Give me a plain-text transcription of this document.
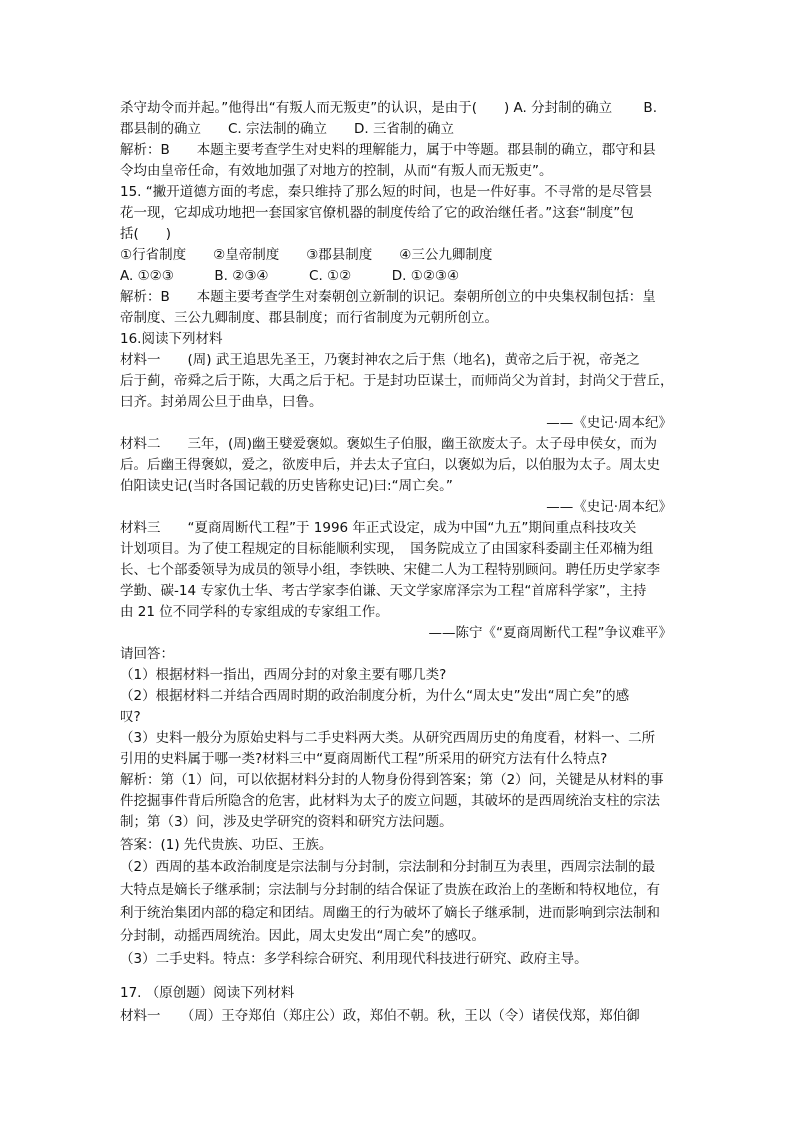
杀守劫令而并起。”他得出“有叛人而无叛吏”的认识，是由于(　　) A. 分封制的确立　　 B.
郡县制的确立　　C. 宗法制的确立　　D. 三省制的确立
解析：B　　本题主要考查学生对史料的理解能力，属于中等题。郡县制的确立，郡守和县
令均由皇帝任命，有效地加强了对地方的控制，从而“有叛人而无叛吏”。
15. “撇开道德方面的考虑，秦只维持了那么短的时间，也是一件好事。不寻常的是尽管昙
花一现，它却成功地把一套国家官僚机器的制度传给了它的政治继任者。”这套“制度”包
括(　　)
①行省制度　　②皇帝制度　　③郡县制度　　④三公九卿制度
A. ①②③　　　B. ②③④　　　C. ①②　　　D. ①②③④
解析：B　　本题主要考查学生对秦朝创立新制的识记。秦朝所创立的中央集权制包括：皇
帝制度、三公九卿制度、郡县制度；而行省制度为元朝所创立。
16.阅读下列材料
材料一　　(周) 武王追思先圣王，乃褒封神农之后于焦（地名)，黄帝之后于祝，帝尧之
后于蓟，帝舜之后于陈，大禹之后于杞。于是封功臣谋士，而师尚父为首封，封尚父于营丘，
曰齐。封弟周公旦于曲阜，曰鲁。
——《史记·周本纪》
材料二　　三年，(周)幽王嬖爱褒姒。褒姒生子伯服，幽王欲废太子。太子母申侯女，而为
后。后幽王得褒姒，爱之，欲废申后，并去太子宜臼，以褒姒为后，以伯服为太子。周太史
伯阳读史记(当时各国记载的历史皆称史记)曰:“周亡矣。”
——《史记·周本纪》
材料三　　“夏商周断代工程”于 1996 年正式设定，成为中国“九五”期间重点科技攻关
计划项目。为了使工程规定的目标能顺利实现，　国务院成立了由国家科委副主任邓楠为组
长、七个部委领导为成员的领导小组，李铁映、宋健二人为工程特别顾问。聘任历史学家李
学勤、碳-14 专家仇士华、考古学家李伯谦、天文学家席泽宗为工程“首席科学家”，主持
由 21 位不同学科的专家组成的专家组工作。
——陈宁《“夏商周断代工程”争议难平》
请回答：
（1）根据材料一指出，西周分封的对象主要有哪几类?
（2）根据材料二并结合西周时期的政治制度分析，为什么“周太史”发出“周亡矣”的感
叹?
（3）史料一般分为原始史料与二手史料两大类。从研究西周历史的角度看，材料一、二所
引用的史料属于哪一类?材料三中“夏商周断代工程”所采用的研究方法有什么特点?
解析：第（1）问，可以依据材料分封的人物身份得到答案；第（2）问，关键是从材料的事
件挖掘事件背后所隐含的危害，此材料为太子的废立问题，其破坏的是西周统治支柱的宗法
制；第（3）问，涉及史学研究的资料和研究方法问题。
答案：(1) 先代贵族、功臣、王族。
（2）西周的基本政治制度是宗法制与分封制，宗法制和分封制互为表里，西周宗法制的最
大特点是嫡长子继承制；宗法制与分封制的结合保证了贵族在政治上的垄断和特权地位，有
利于统治集团内部的稳定和团结。周幽王的行为破坏了嫡长子继承制，进而影响到宗法制和
分封制，动摇西周统治。因此，周太史发出“周亡矣”的感叹。
（3）二手史料。特点：多学科综合研究、利用现代科技进行研究、政府主导。
17. （原创题）阅读下列材料
材料一　　（周）王夺郑伯（郑庄公）政，郑伯不朝。秋，王以（令）诸侯伐郑，郑伯御
